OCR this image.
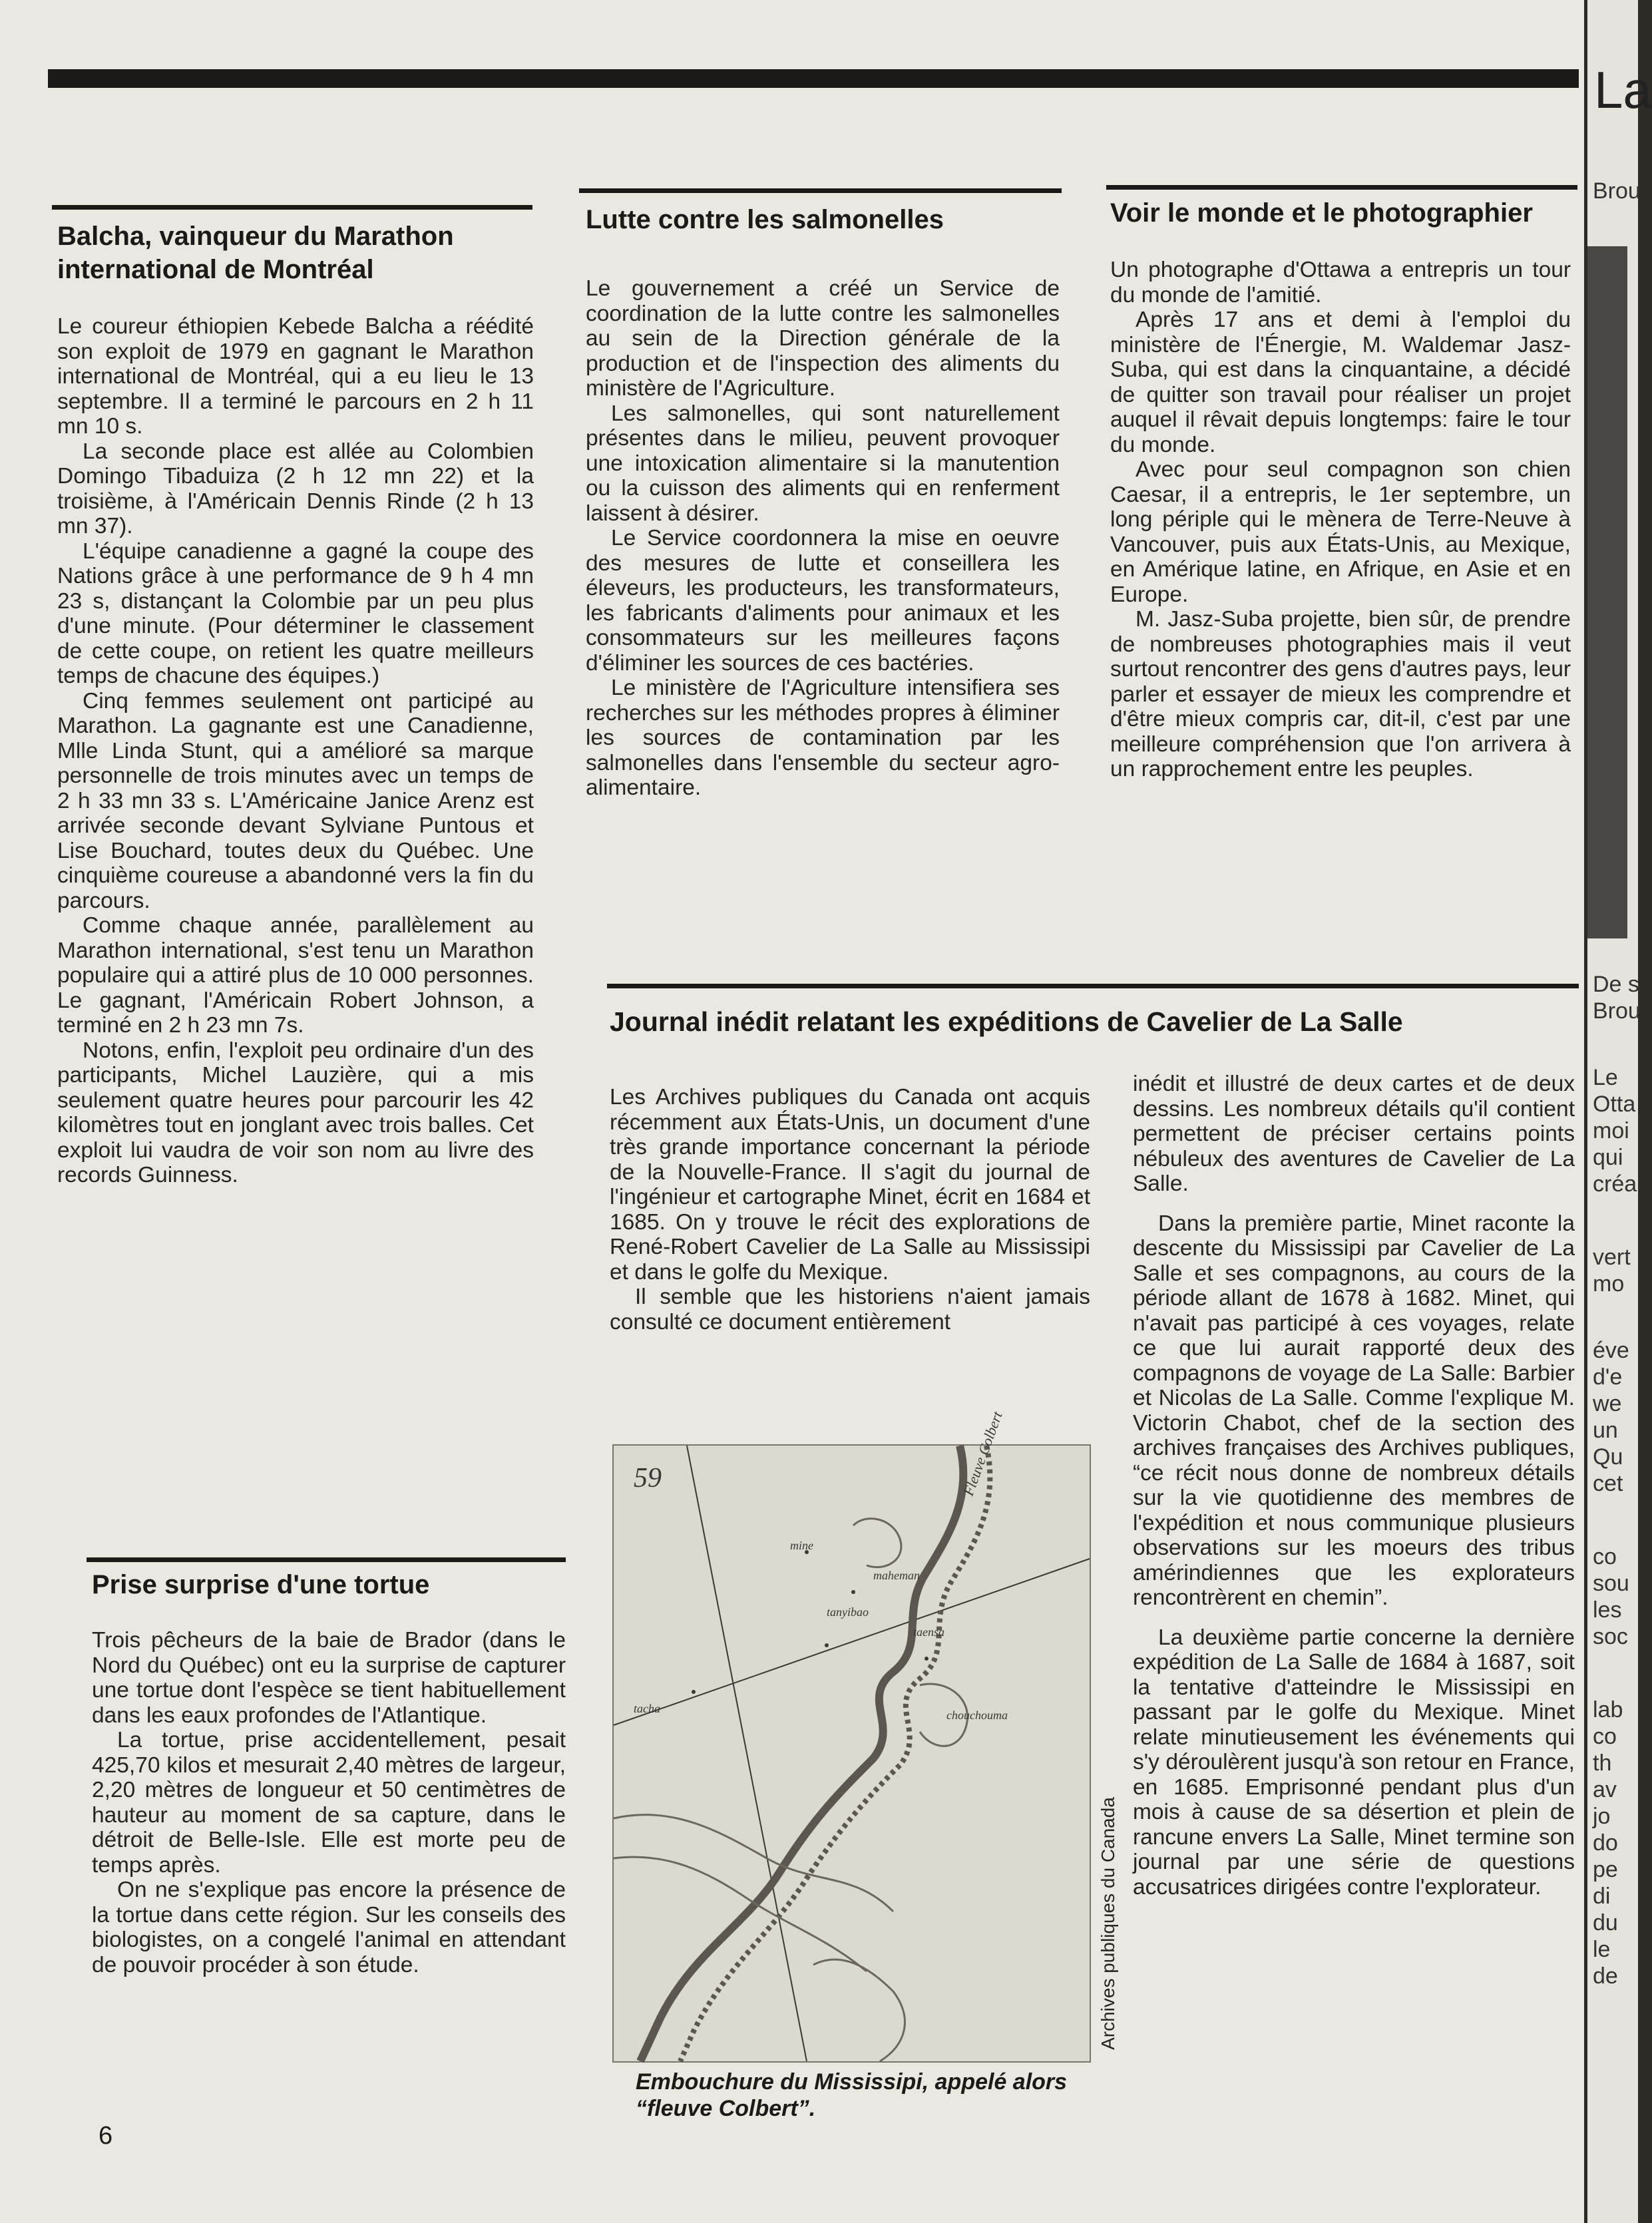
Balcha, vainqueur du Marathon international de Montréal

Le coureur éthiopien Kebede Balcha a réédité son exploit de 1979 en gagnant le Marathon international de Montréal, qui a eu lieu le 13 septembre. Il a terminé le parcours en 2 h 11 mn 10 s.

La seconde place est allée au Colombien Domingo Tibaduiza (2 h 12 mn 22) et la troisième, à l'Américain Dennis Rinde (2 h 13 mn 37).

L'équipe canadienne a gagné la coupe des Nations grâce à une performance de 9 h 4 mn 23 s, distançant la Colombie par un peu plus d'une minute. (Pour déterminer le classement de cette coupe, on retient les quatre meilleurs temps de chacune des équipes.)

Cinq femmes seulement ont participé au Marathon. La gagnante est une Canadienne, Mlle Linda Stunt, qui a amélioré sa marque personnelle de trois minutes avec un temps de 2 h 33 mn 33 s. L'Américaine Janice Arenz est arrivée seconde devant Sylviane Puntous et Lise Bouchard, toutes deux du Québec. Une cinquième coureuse a abandonné vers la fin du parcours.

Comme chaque année, parallèlement au Marathon international, s'est tenu un Marathon populaire qui a attiré plus de 10 000 personnes. Le gagnant, l'Américain Robert Johnson, a terminé en 2 h 23 mn 7s.

Notons, enfin, l'exploit peu ordinaire d'un des participants, Michel Lauzière, qui a mis seulement quatre heures pour parcourir les 42 kilomètres tout en jonglant avec trois balles. Cet exploit lui vaudra de voir son nom au livre des records Guinness.

Prise surprise d'une tortue

Trois pêcheurs de la baie de Brador (dans le Nord du Québec) ont eu la surprise de capturer une tortue dont l'espèce se tient habituellement dans les eaux profondes de l'Atlantique.

La tortue, prise accidentellement, pesait 425,70 kilos et mesurait 2,40 mètres de largeur, 2,20 mètres de longueur et 50 centimètres de hauteur au moment de sa capture, dans le détroit de Belle-Isle. Elle est morte peu de temps après.

On ne s'explique pas encore la présence de la tortue dans cette région. Sur les conseils des biologistes, on a congelé l'animal en attendant de pouvoir procéder à son étude.

Lutte contre les salmonelles

Le gouvernement a créé un Service de coordination de la lutte contre les salmonelles au sein de la Direction générale de la production et de l'inspection des aliments du ministère de l'Agriculture.

Les salmonelles, qui sont naturellement présentes dans le milieu, peuvent provoquer une intoxication alimentaire si la manutention ou la cuisson des aliments qui en renferment laissent à désirer.

Le Service coordonnera la mise en oeuvre des mesures de lutte et conseillera les éleveurs, les producteurs, les transformateurs, les fabricants d'aliments pour animaux et les consommateurs sur les meilleures façons d'éliminer les sources de ces bactéries.

Le ministère de l'Agriculture intensifiera ses recherches sur les méthodes propres à éliminer les sources de contamination par les salmonelles dans l'ensemble du secteur agro-alimentaire.

Voir le monde et le photographier

Un photographe d'Ottawa a entrepris un tour du monde de l'amitié.

Après 17 ans et demi à l'emploi du ministère de l'Énergie, M. Waldemar Jasz-Suba, qui est dans la cinquantaine, a décidé de quitter son travail pour réaliser un projet auquel il rêvait depuis longtemps: faire le tour du monde.

Avec pour seul compagnon son chien Caesar, il a entrepris, le 1er septembre, un long périple qui le mènera de Terre-Neuve à Vancouver, puis aux États-Unis, au Mexique, en Amérique latine, en Afrique, en Asie et en Europe.

M. Jasz-Suba projette, bien sûr, de prendre de nombreuses photographies mais il veut surtout rencontrer des gens d'autres pays, leur parler et essayer de mieux les comprendre et d'être mieux compris car, dit-il, c'est par une meilleure compréhension que l'on arrivera à un rapprochement entre les peuples.

Journal inédit relatant les expéditions de Cavelier de La Salle

Les Archives publiques du Canada ont acquis récemment aux États-Unis, un document d'une très grande importance concernant la période de la Nouvelle-France. Il s'agit du journal de l'ingénieur et cartographe Minet, écrit en 1684 et 1685. On y trouve le récit des explorations de René-Robert Cavelier de La Salle au Mississipi et dans le golfe du Mexique.

Il semble que les historiens n'aient jamais consulté ce document entièrement

inédit et illustré de deux cartes et de deux dessins. Les nombreux détails qu'il contient permettent de préciser certains points nébuleux des aventures de Cavelier de La Salle.

Dans la première partie, Minet raconte la descente du Mississipi par Cavelier de La Salle et ses compagnons, au cours de la période allant de 1678 à 1682. Minet, qui n'avait pas participé à ces voyages, relate ce que lui aurait rapporté deux des compagnons de voyage de La Salle: Barbier et Nicolas de La Salle. Comme l'explique M. Victorin Chabot, chef de la section des archives françaises des Archives publiques, “ce récit nous donne de nombreux détails sur la vie quotidienne des membres de l'expédition et nous communique plusieurs observations sur les moeurs des tribus amérindiennes que les explorateurs rencontrèrent en chemin”.

La deuxième partie concerne la dernière expédition de La Salle de 1684 à 1687, soit la tentative d'atteindre le Mississipi en passant par le golfe du Mexique. Minet relate minutieusement les événements qui s'y déroulèrent jusqu'à son retour en France, en 1685. Emprisonné pendant plus d'un mois à cause de sa désertion et plein de rancune envers La Salle, Minet termine son journal par une série de questions accusatrices dirigées contre l'explorateur.

59
mine
tanyibao
maheman
Fleuve Colbert
chouchouma
tacha
taensa
Archives publiques du Canada
Embouchure du Mississipi, appelé alors
“fleuve Colbert”.
6
La
Brou
De s
Brou
Le
Otta
moi
qui
créa
vert
mo
éve
d'e
we
un
Qu
cet
co
sou
les
soc
lab
co
th
av
jo
do
pe
di
du
le
de
